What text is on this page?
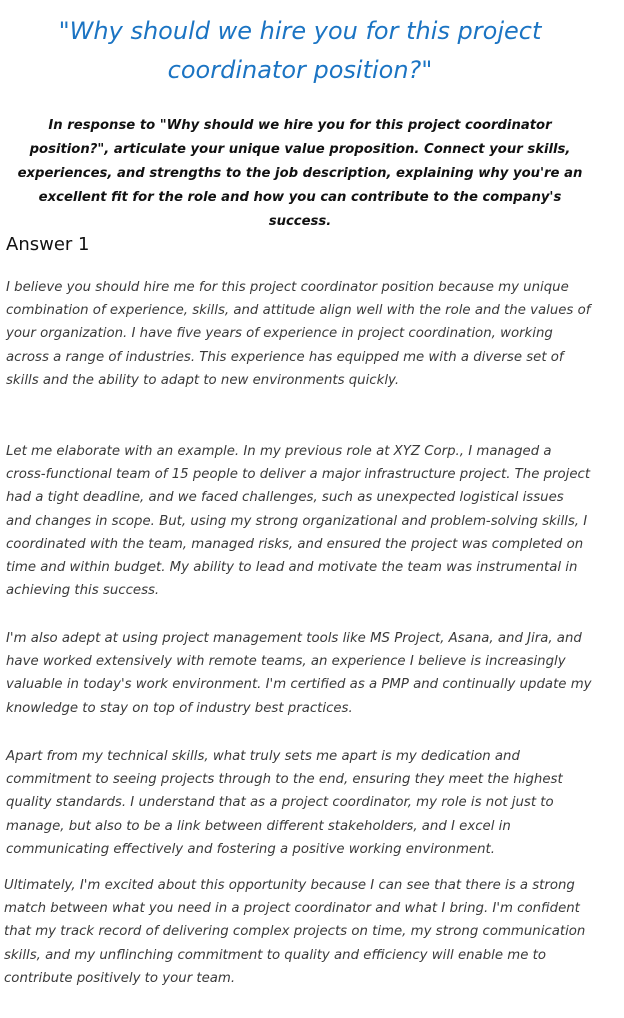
"Why should we hire you for this project coordinator position?"

In response to "Why should we hire you for this project coordinator position?", articulate your unique value proposition. Connect your skills, experiences, and strengths to the job description, explaining why you're an excellent fit for the role and how you can contribute to the company's success.

Answer 1

I believe you should hire me for this project coordinator position because my unique combination of experience, skills, and attitude align well with the role and the values of your organization. I have five years of experience in project coordination, working across a range of industries. This experience has equipped me with a diverse set of skills and the ability to adapt to new environments quickly.

Let me elaborate with an example. In my previous role at XYZ Corp., I managed a cross-functional team of 15 people to deliver a major infrastructure project. The project had a tight deadline, and we faced challenges, such as unexpected logistical issues and changes in scope. But, using my strong organizational and problem-solving skills, I coordinated with the team, managed risks, and ensured the project was completed on time and within budget. My ability to lead and motivate the team was instrumental in achieving this success.

I'm also adept at using project management tools like MS Project, Asana, and Jira, and have worked extensively with remote teams, an experience I believe is increasingly valuable in today's work environment. I'm certified as a PMP and continually update my knowledge to stay on top of industry best practices.

Apart from my technical skills, what truly sets me apart is my dedication and commitment to seeing projects through to the end, ensuring they meet the highest quality standards. I understand that as a project coordinator, my role is not just to manage, but also to be a link between different stakeholders, and I excel in communicating effectively and fostering a positive working environment.

Ultimately, I'm excited about this opportunity because I can see that there is a strong match between what you need in a project coordinator and what I bring. I'm confident that my track record of delivering complex projects on time, my strong communication skills, and my unflinching commitment to quality and efficiency will enable me to contribute positively to your team.
